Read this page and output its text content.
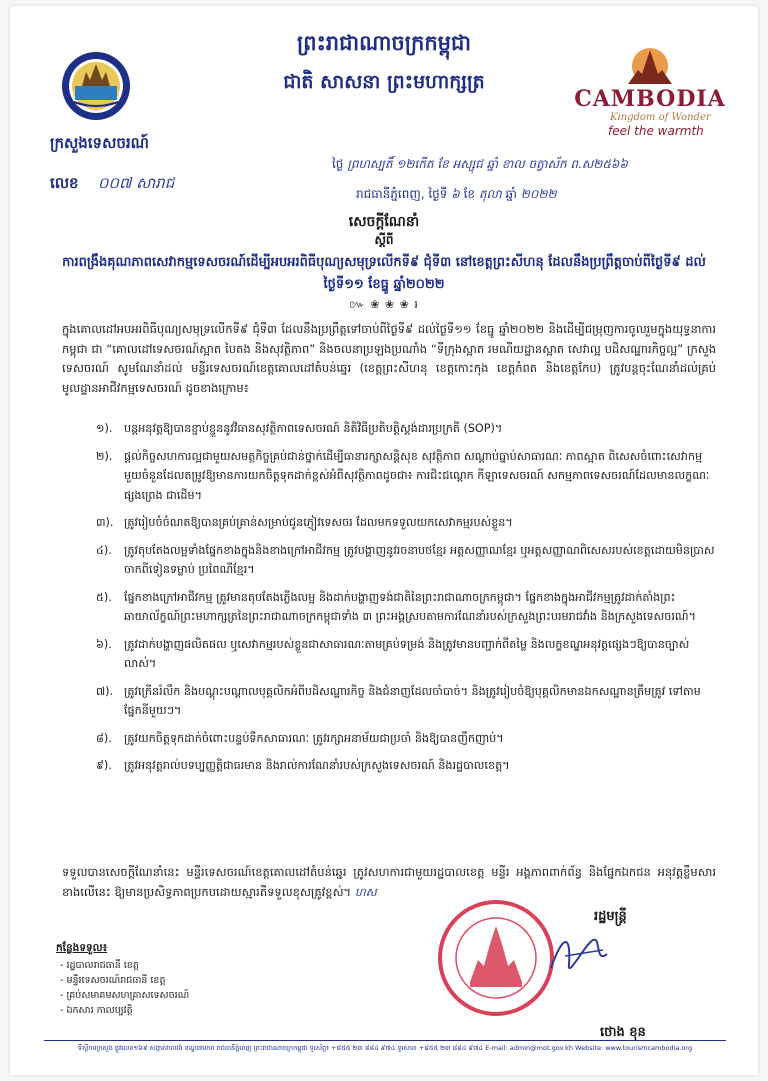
ព្រះរាជាណាចក្រកម្ពុជា
ជាតិ សាសនា ព្រះមហាក្សត្រ
CAMBODIA
Kingdom of Wonder
feel the warmth
ក្រសួងទេសចរណ៍
លេខ ០០៧ សារាជ
ថ្ងៃ ព្រហស្បតិ៍ ១២កើត ខែ អស្សុជ ឆ្នាំ ខាល ចត្វាស័ក ព.ស២៥៦៦
រាជធានីភ្នំពេញ, ថ្ងៃទី ៦ ខែ តុលា ឆ្នាំ ២០២២
សេចក្តីណែនាំ
ស្តីពី
ការពង្រឹងគុណភាពសេវាកម្មទេសចរណ៍ដើម្បីអបអរពិធីបុណ្យសមុទ្រលើកទី៩ ជុំទី៣ នៅខេត្តព្រះសីហនុ ដែលនឹងប្រព្រឹត្តចាប់ពីថ្ងៃទី៩ ដល់ថ្ងៃទី១១ ខែធ្នូ ឆ្នាំ២០២២
៚ ❀ ❀ ❀ ៛
ក្នុងគោលដៅអបអរពិធីបុណ្យសមុទ្រលើកទី៩ ជុំទី៣ ដែលនឹងប្រព្រឹត្តទៅចាប់ពីថ្ងៃទី៩ ដល់ថ្ងៃទី១១ ខែធ្នូ ឆ្នាំ២០២២ និងដើម្បីជម្រុញការចូលរួមក្នុងយុទ្ធនាការ កម្ពុជា ជា “គោលដៅទេសចរណ៍ស្អាត បៃតង និងសុវត្ថិភាព” និងចលនាប្រឡងប្រណាំង “ទីក្រុងស្អាត រមណីយដ្ឋានស្អាត សេវាល្អ បដិសណ្ឋារកិច្ចល្អ” ក្រសួងទេសចរណ៍ សូមណែនាំដល់ មន្ទីរទេសចរណ៍ខេត្តគោលដៅតំបន់ឆ្នេរ (ខេត្តព្រះសីហនុ ខេត្តកោះកុង ខេត្តកំពត និងខេត្តកែប) ត្រូវបន្តចុះណែនាំដល់គ្រប់មូលដ្ឋានអាជីវកម្មទេសចរណ៍ ដូចខាងក្រោម៖
១). បន្តអនុវត្តឱ្យបានខ្ជាប់ខ្ជួននូវវិធានសុវត្ថិភាពទេសចរណ៍ និតិវិធីប្រតិបត្តិស្តង់ដារប្រក្រតី (SOP)។
២). ផ្តល់កិច្ចសហការល្អជាមួយសមត្ថកិច្ចគ្រប់ជាន់ថ្នាក់ដើម្បីធានារក្សាសន្តិសុខ សុវត្ថិភាព សណ្តាប់ធ្នាប់សាធារណៈ ភាពស្អាត ពិសេសចំពោះសេវាកម្មមួយចំនួនដែលតម្រូវឱ្យមានការយកចិត្តទុកដាក់ខ្ពស់អំពីសុវត្ថិភាពដូចជា៖ ការជិះជណ្តេក កីឡាទេសចរណ៍ សកម្មភាពទេសចរណ៍ដែលមានលក្ខណៈផ្សងព្រេង ជាដើម។
៣). ត្រូវរៀបចំចំណតឱ្យបានគ្រប់គ្រាន់សម្រាប់ជូនភ្ញៀវទេសចរ ដែលមកទទួលយកសេវាកម្មរបស់ខ្លួន។
៤). ត្រូវតុបតែងលម្អទាំងផ្នែកខាងក្នុងនិងខាងក្រៅអាជីវកម្ម ត្រូវបង្ហាញនូវរចនាបថខ្មែរ អត្តសញ្ញាណខ្មែរ ឬអត្តសញ្ញាណពិសេសរបស់ខេត្តដោយមិនប្រាសចាកពីទៀនទម្លាប់ ប្រពៃណីខ្មែរ។
៥). ផ្នែកខាងក្រៅអាជីវកម្ម ត្រូវមានតុបតែងភ្លើងលម្អ និងដាក់បង្ហាញទង់ជាតិនៃព្រះរាជាណាចក្រកម្ពុជា។ ផ្នែកខាងក្នុងអាជីវកម្មត្រូវដាក់តាំងព្រះឆាយាល័ក្ខណ៍ព្រះមហាក្សត្រនៃព្រះរាជាណាចក្រកម្ពុជាទាំង ៣ ព្រះអង្គស្របតាមការណែនាំរបស់ក្រសួងព្រះបរមរាជវាំង និងក្រសួងទេសចរណ៍។
៦). ត្រូវដាក់បង្ហាញផលិតផល ឬសេវាកម្មរបស់ខ្លួនជាសាធារណៈតាមគ្រប់ទម្រង់ និងត្រូវមានបញ្ជាក់ពីតម្លៃ និងលក្ខខណ្ឌអនុវត្តផ្សេងៗឱ្យបានច្បាស់លាស់។
៧). ត្រូវក្រើនរំលឹក និងបណ្តុះបណ្តាលបុគ្គលិកអំពីបដិសណ្ឋារកិច្ច និងជំនាញដែលចាំបាច់។ និងត្រូវរៀបចំឱ្យបុគ្គលិកមានឯកសណ្ឋានត្រឹមត្រូវ ទៅតាមផ្នែកនីមួយៗ។
៨). ត្រូវយកចិត្តទុកដាក់ចំពោះបន្ទប់ទឹកសាធារណៈ ត្រូវរក្សាអនាម័យជាប្រចាំ និងឱ្យបានញឹកញាប់។
៩). ត្រូវអនុវត្តរាល់បទប្បញ្ញត្តិជាធរមាន និងរាល់ការណែនាំរបស់ក្រសួងទេសចរណ៍ និងរដ្ឋបាលខេត្ត។
ទទួលបានសេចក្តីណែនាំនេះ មន្ទីរទេសចរណ៍ខេត្តគោលដៅតំបន់ឆ្នេរ ត្រូវសហការជាមួយរដ្ឋបាលខេត្ត មន្ទីរ អង្គភាពពាក់ព័ន្ធ និងផ្នែកឯកជន អនុវត្តខ្លឹមសារខាងលើនេះ ឱ្យមានប្រសិទ្ធភាពប្រកបដោយស្មារតីទទួលខុសត្រូវខ្ពស់។ ហស
រដ្ឋមន្ត្រី
ថោង ខុន
កន្លែងទទួល៖
- រដ្ឋបាលរាជធានី ខេត្ត
- មន្ទីរទេសចរណ៍រាជធានី ខេត្ត
- គ្រប់សមាគមសហគ្រាសទេសចរណ៍
- ឯកសារ កាលប្បវត្តិ
ទីស្តីការក្រសួង ផ្លូវលេខ១៦៩ សង្កាត់វាលវង់ ខណ្ឌ៧មករា រាជធានីភ្នំពេញ ព្រះរាជាណាចក្រកម្ពុជា ទូរស័ព្ទ៖ +៨៥៥ ២៣ ៨៨៤ ៩៧៤ ទូរសារ៖ +៨៥៥ ២៣ ៨៨៤ ៩៧៤ E-mail: admin@mot.gov.kh Website: www.tourismcambodia.org
